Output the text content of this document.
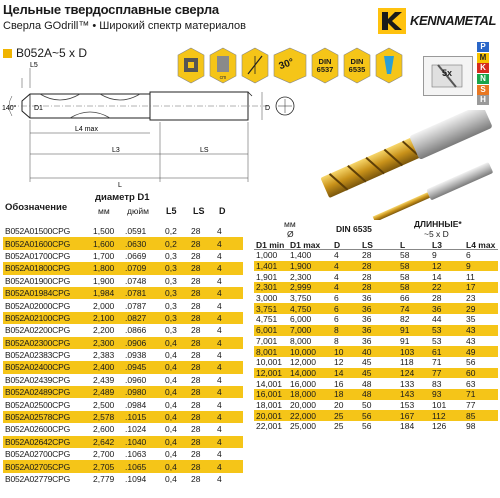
Цельные твердосплавные сверла
Сверла GOdrill™ • Широкий спектр материалов	KENNAMETAL
B052A~5 x D
cm
30°	DIN 6537
DIN 6535	5x
P
M
K
N
S
H
140°
L5
D1
L4 max
L3	LS
L
D
Обозначение
диаметр D1
мм дюйм L5 LS D
B052A01500CPG	1,500	.0591	0,2	28	4
B052A01600CPG	1,600	.0630	0,2	28	4
B052A01700CPG	1,700	.0669	0,3	28	4
B052A01800CPG	1,800	.0709	0,3	28	4
B052A01900CPG	1,900	.0748	0,3	28	4
B052A01984CPG	1,984	.0781	0,3	28	4
B052A02000CPG	2,000	.0787	0,3	28	4
B052A02100CPG	2,100	.0827	0,3	28	4
B052A02200CPG	2,200	.0866	0,3	28	4
B052A02300CPG	2,300	.0906	0,4	28	4
B052A02383CPG	2,383	.0938	0,4	28	4
B052A02400CPG	2,400	.0945	0,4	28	4
B052A02439CPG	2,439	.0960	0,4	28	4
B052A02489CPG	2,489	.0980	0,4	28	4
B052A02500CPG	2,500	.0984	0,4	28	4
B052A02578CPG	2,578	.1015	0,4	28	4
B052A02600CPG	2,600	.1024	0,4	28	4
B052A02642CPG	2,642	.1040	0,4	28	4
B052A02700CPG	2,700	.1063	0,4	28	4
B052A02705CPG	2,705	.1065	0,4	28	4
B052A02779CPG	2,779	.1094	0,4	28	4
мм
Ø	DIN 6535	ДЛИННЫЕ*
~5 x D
D1 min D1 max	D	LS	L	L3	L4 max
1,000	1,400	4	28	58	9	6
1,401	1,900	4	28	58	12	9
1,901	2,300	4	28	58	14	11
2,301	2,999	4	28	58	22	17
3,000	3,750	6	36	66	28	23
3,751	4,750	6	36	74	36	29
4,751	6,000	6	36	82	44	35
6,001	7,000	8	36	91	53	43
7,001	8,000	8	36	91	53	43
8,001	10,000	10	40	103	61	49
10,001 12,000	12	45	118	71	56
12,001 14,000	14	45	124	77	60
14,001 16,000	16	48	133	83	63
16,001 18,000	18	48	143	93	71
18,001 20,000	20	50	153	101	77
20,001 22,000	25	56	167	112	85
22,001 25,000	25	56	184	126	98
